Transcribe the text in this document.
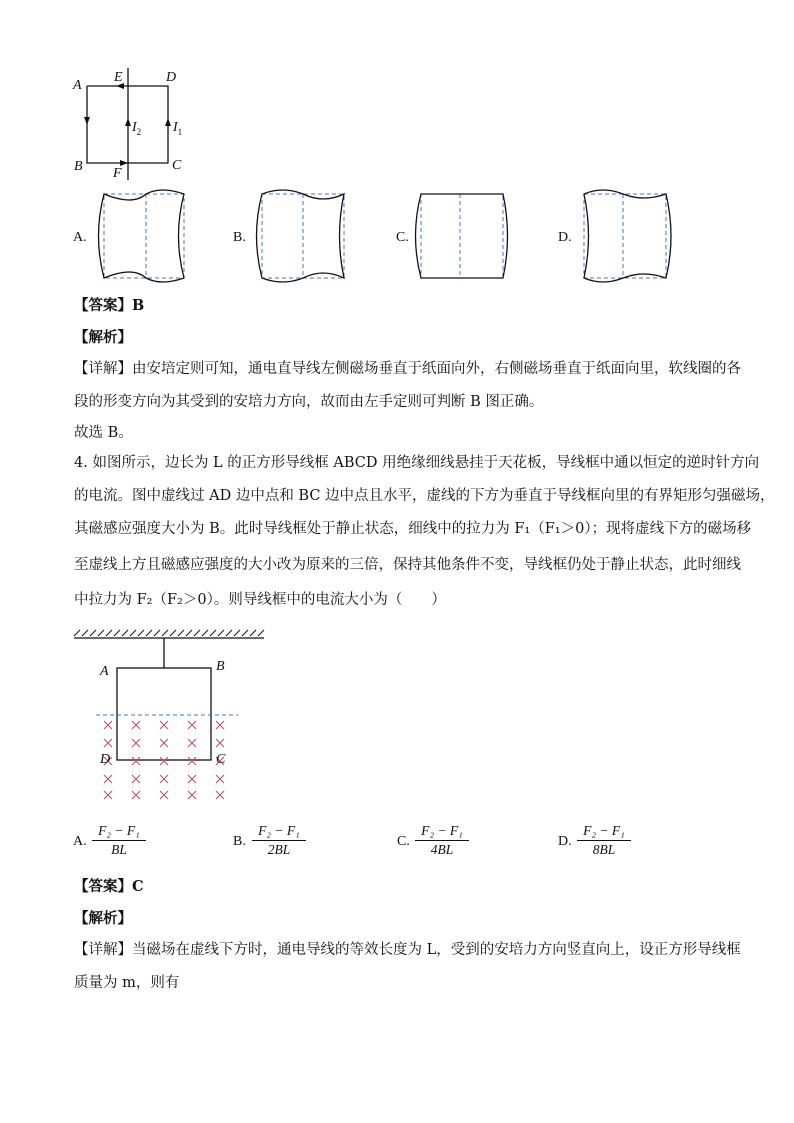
A
E	D
B F
C
$I_2$ $I_1$
A.	B.	C.	D.
【答案】B
【解析】
【详解】由安培定则可知，通电直导线左侧磁场垂直于纸面向外，右侧磁场垂直于纸面向里，软线圈的各
段的形变方向为其受到的安培力方向，故而由左手定则可判断 B 图正确。
故选 B。
4. 如图所示，边长为 L 的正方形导线框 ABCD 用绝缘细线悬挂于天花板，导线框中通以恒定的逆时针方向
的电流。图中虚线过 AD 边中点和 BC 边中点且水平，虚线的下方为垂直于导线框向里的有界矩形匀强磁场，
其磁感应强度大小为 B。此时导线框处于静止状态，细线中的拉力为 F₁（F₁＞0）；现将虚线下方的磁场移
至虚线上方且磁感应强度的大小改为原来的三倍，保持其他条件不变，导线框仍处于静止状态，此时细线
中拉力为 F₂（F₂＞0）。则导线框中的电流大小为（　　）
A	B
D	C
A. $\frac{\text{F₂ − F₁}}{BL}$	B. $\frac{\text{F₂ − F₁}}{2BL}$	C. $\frac{\text{F₂ − F₁}}{4BL}$	D. $\frac{\text{F₂ − F₁}}{8BL}$
【答案】C
【解析】
【详解】当磁场在虚线下方时，通电导线的等效长度为 L，受到的安培力方向竖直向上，设正方形导线框
质量为 m，则有
